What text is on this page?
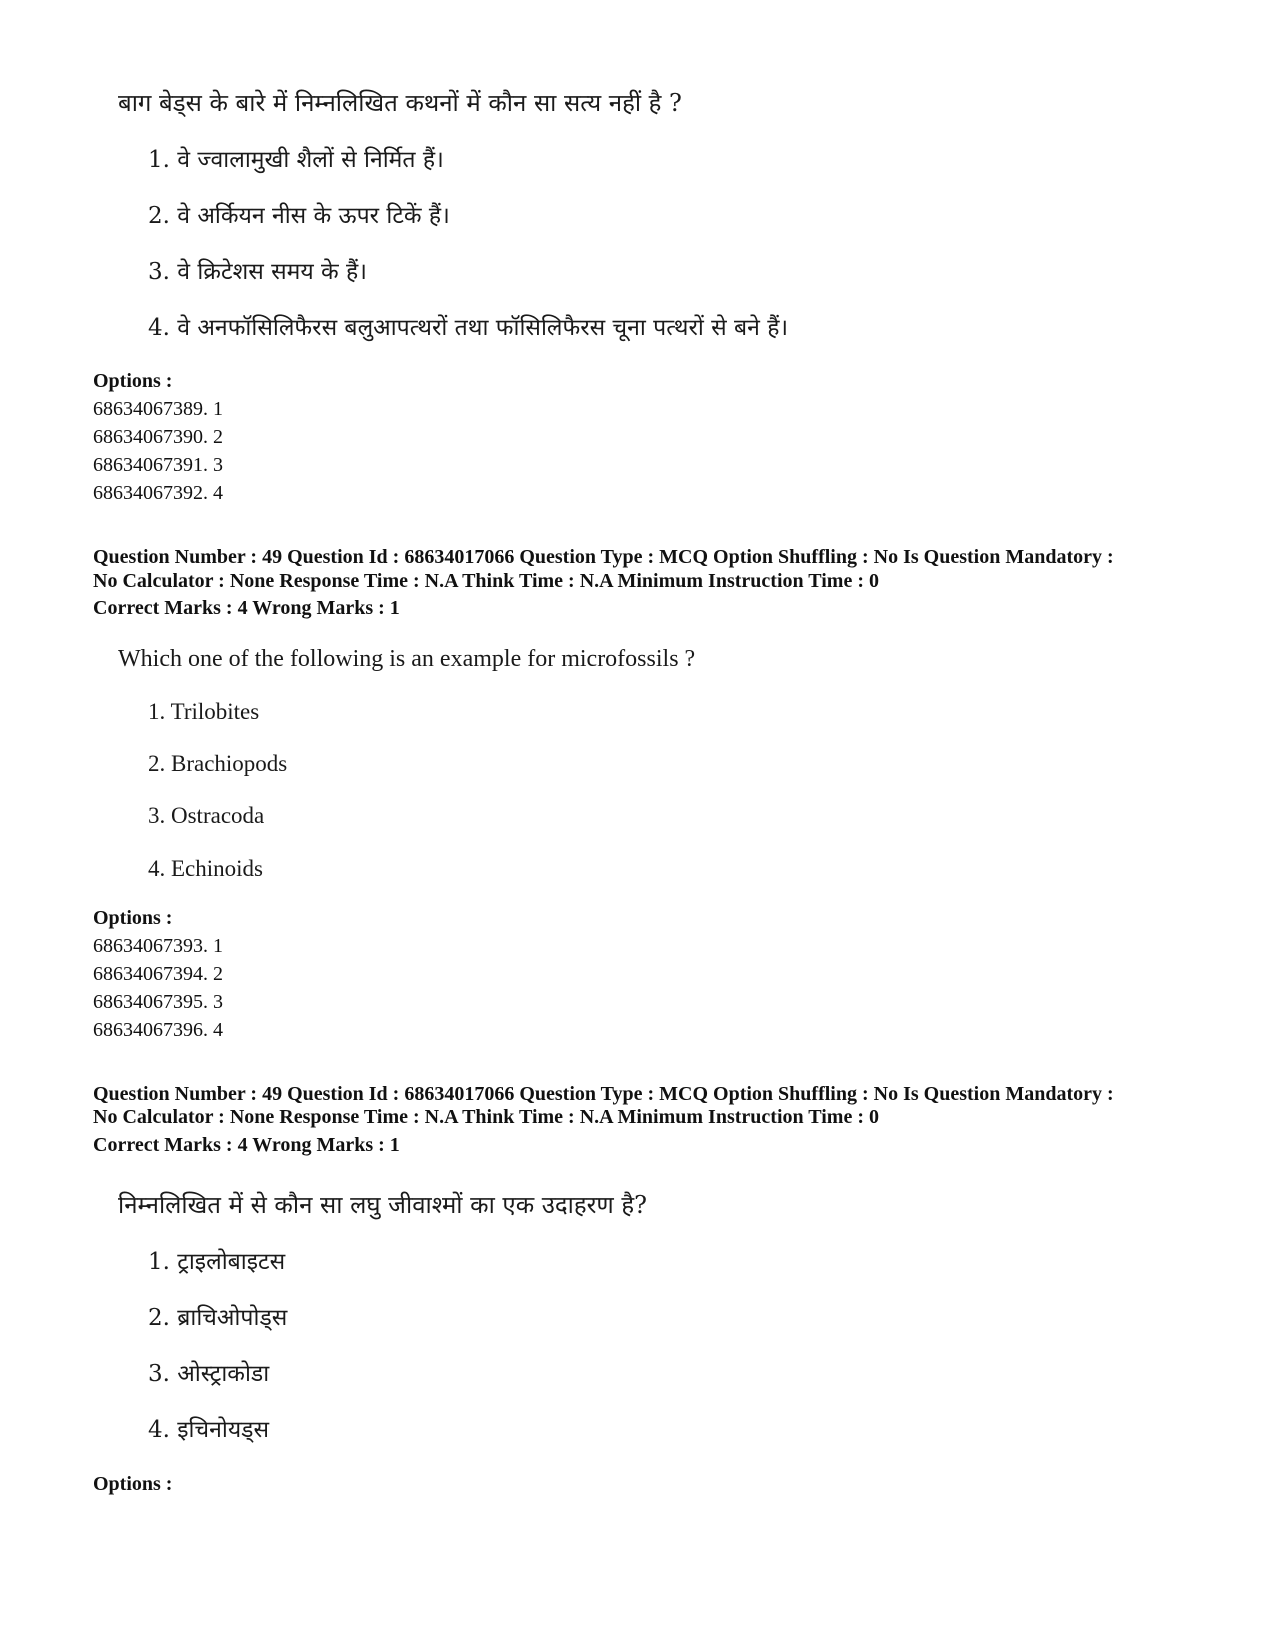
बाग बेड्स के बारे में निम्नलिखित कथनों में कौन सा सत्य नहीं है ?
1. वे ज्वालामुखी शैलों से निर्मित हैं।
2. वे अर्कियन नीस के ऊपर टिकें हैं।
3. वे क्रिटेशस समय के हैं।
4. वे अनफॉसिलिफैरस बलुआपत्थरों तथा फॉसिलिफैरस चूना पत्थरों से बने हैं।
Options :
68634067389. 1
68634067390. 2
68634067391. 3
68634067392. 4
Question Number : 49 Question Id : 68634017066 Question Type : MCQ Option Shuffling : No Is Question Mandatory :
No Calculator : None Response Time : N.A Think Time : N.A Minimum Instruction Time : 0
Correct Marks : 4 Wrong Marks : 1
Which one of the following is an example for microfossils ?
1. Trilobites
2. Brachiopods
3. Ostracoda
4. Echinoids
Options :
68634067393. 1
68634067394. 2
68634067395. 3
68634067396. 4
Question Number : 49 Question Id : 68634017066 Question Type : MCQ Option Shuffling : No Is Question Mandatory :
No Calculator : None Response Time : N.A Think Time : N.A Minimum Instruction Time : 0
Correct Marks : 4 Wrong Marks : 1
निम्नलिखित में से कौन सा लघु जीवाश्मों का एक उदाहरण है?
1. ट्राइलोबाइटस
2. ब्राचिओपोड्स
3. ओस्ट्राकोडा
4. इचिनोयड्स
Options :
